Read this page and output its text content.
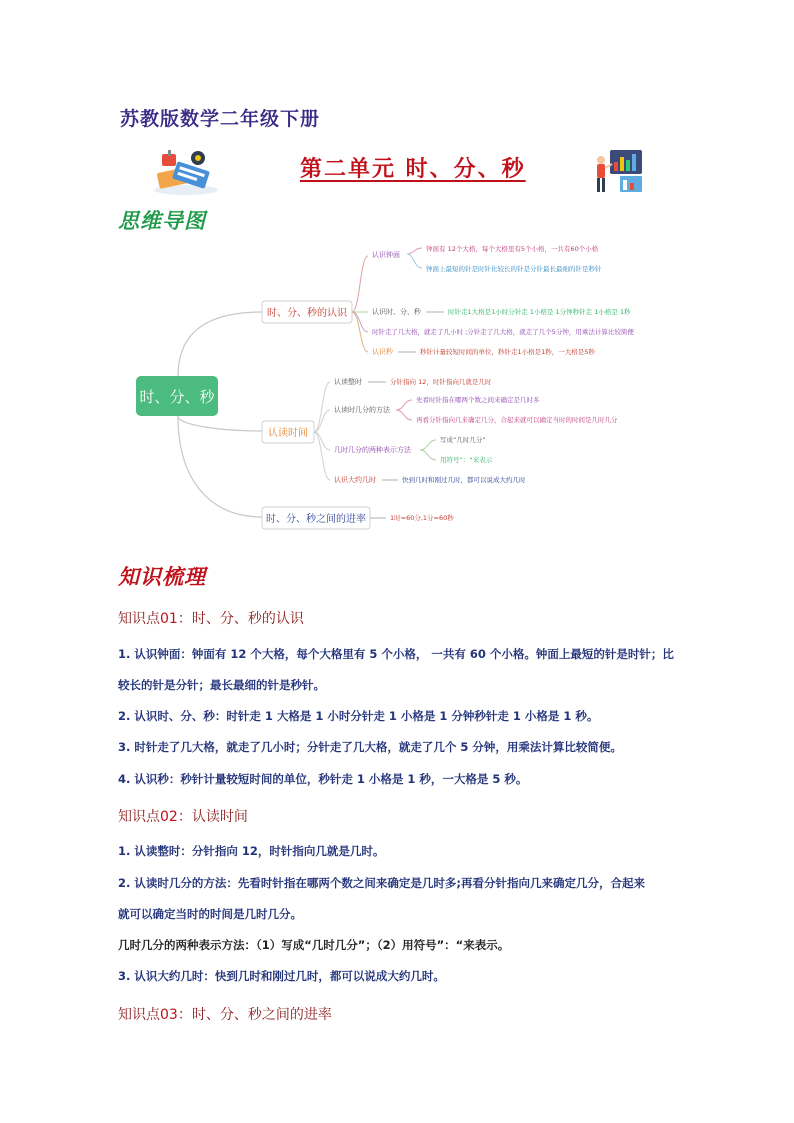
苏教版数学二年级下册
第二单元 时、分、秒
思维导图
时、分、秒
时、分、秒的认识
认读时间
时、分、秒之间的进率
认识钟面
钟面有 12个大格，每个大格里有5个小格，一共有60个小格
钟面上最短的针是时针比较长的针是分针最长最细的针是秒针
认识时、分、秒	时针走1大格是1小时分针走 1小格是 1分钟秒针走 1小格是 1秒
时针走了几大格，就走了几小时 ;分针走了几大格，就走了几个5分钟，用乘法计算比较简便
认识秒	秒针计量较短时间的单位，秒针走1小格是1秒，一大格是5秒
认读整时	分针指向 12，时针指向几就是几时
认读时几分的方法
先看时针指在哪两个数之间来确定是几时多
再看分针指向几来确定几分，合起来就可以确定当时的时间是几时几分
几时几分的两种表示方法
写成“几时几分”
用符号”：“来表示
认识大约几时	快到几时和刚过几时，都可以说成大约几时
1时=60分,1分=60秒
知识梳理
知识点01：时、分、秒的认识
1. 认识钟面：钟面有 12 个大格，每个大格里有 5 个小格， 一共有 60 个小格。钟面上最短的针是时针；比
较长的针是分针；最长最细的针是秒针。
2. 认识时、分、秒：时针走 1 大格是 1 小时分针走 1 小格是 1 分钟秒针走 1 小格是 1 秒。
3. 时针走了几大格，就走了几小时；分针走了几大格，就走了几个 5 分钟，用乘法计算比较简便。
4. 认识秒：秒针计量较短时间的单位，秒针走 1 小格是 1 秒，一大格是 5 秒。
知识点02：认读时间
1. 认读整时：分针指向 12，时针指向几就是几时。
2. 认读时几分的方法：先看时针指在哪两个数之间来确定是几时多;再看分针指向几来确定几分，合起来
就可以确定当时的时间是几时几分。
几时几分的两种表示方法：（1）写成“几时几分”；（2）用符号”：“来表示。
3. 认识大约几时：快到几时和刚过几时，都可以说成大约几时。
知识点03：时、分、秒之间的进率
